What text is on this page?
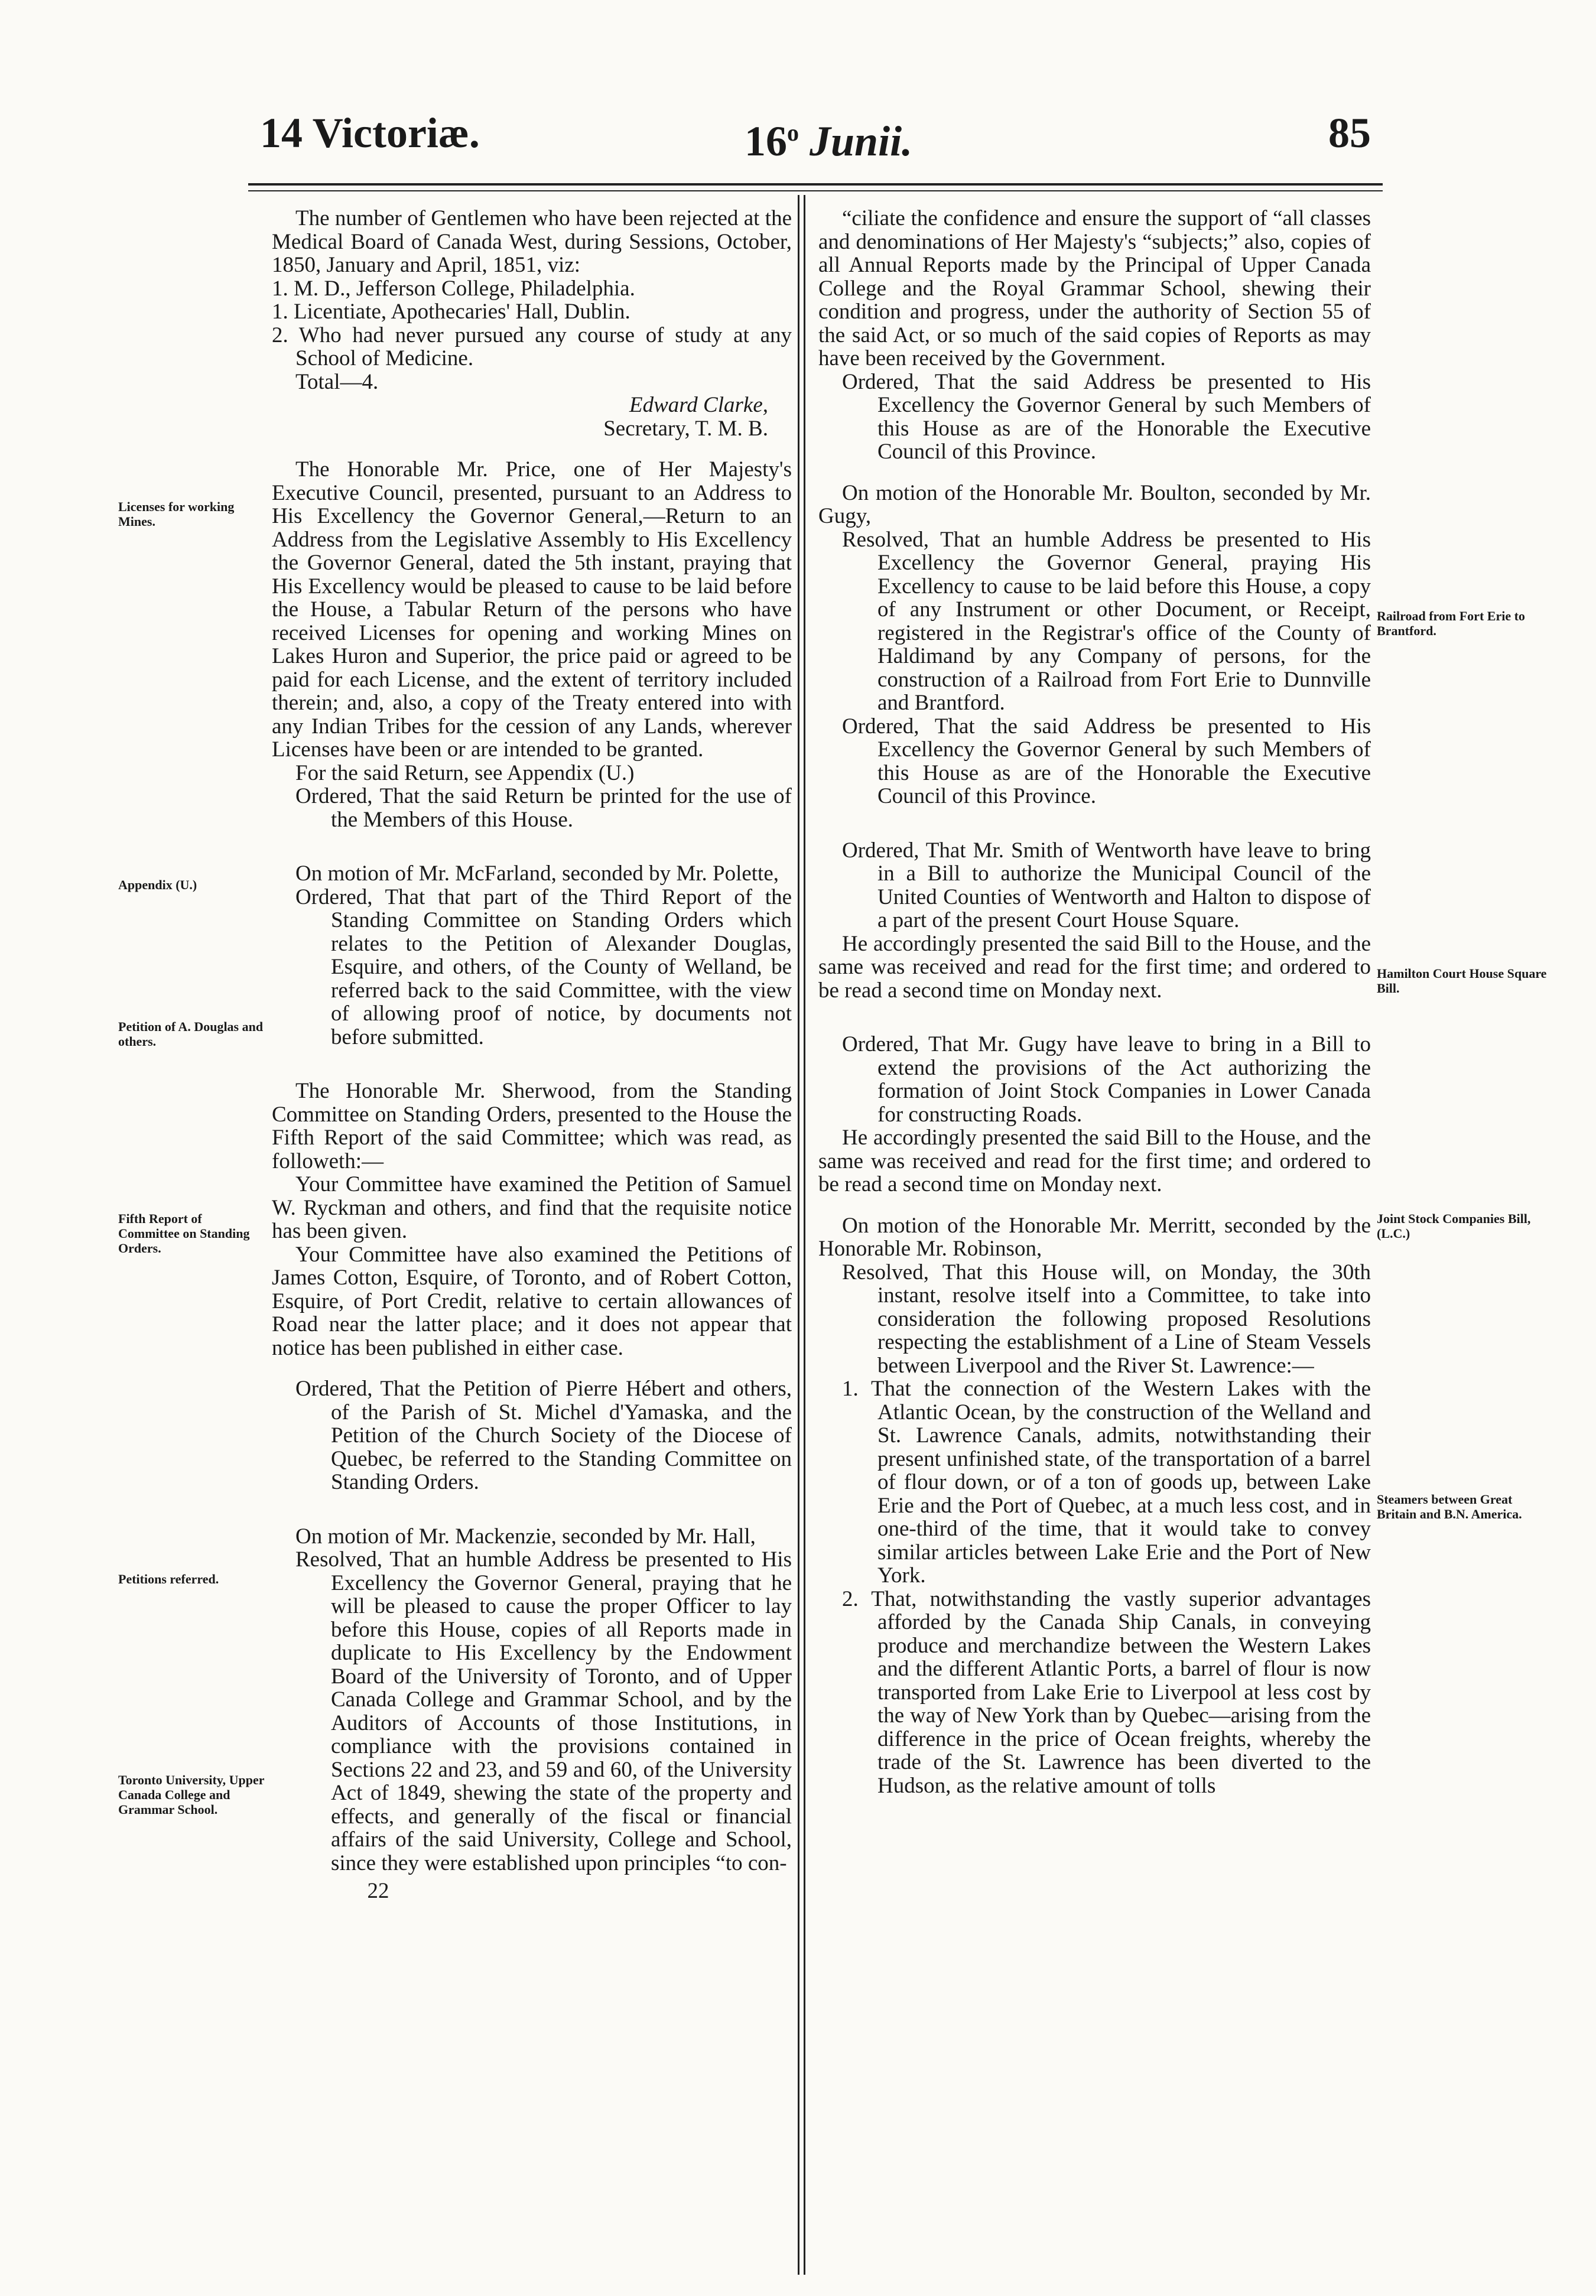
14 Victoriæ.	16$^o$ Junii.	85

The number of Gentlemen who have been rejected at the Medical Board of Canada West, during Sessions, October, 1850, January and April, 1851, viz:

1. M. D., Jefferson College, Philadelphia.

1. Licentiate, Apothecaries' Hall, Dublin.

2. Who had never pursued any course of study at any School of Medicine.

Total—4.

Edward Clarke,

Secretary, T. M. B.

The Honorable Mr. Price, one of Her Majesty's Executive Council, presented, pursuant to an Address to His Excellency the Governor General,—Return to an Address from the Legislative Assembly to His Excellency the Governor General, dated the 5th instant, praying that His Excellency would be pleased to cause to be laid before the House, a Tabular Return of the persons who have received Licenses for opening and working Mines on Lakes Huron and Superior, the price paid or agreed to be paid for each License, and the extent of territory included therein; and, also, a copy of the Treaty entered into with any Indian Tribes for the cession of any Lands, wherever Licenses have been or are intended to be granted.

For the said Return, see Appendix (U.)

Ordered, That the said Return be printed for the use of the Members of this House.

On motion of Mr. McFarland, seconded by Mr. Polette,

Ordered, That that part of the Third Report of the Standing Committee on Standing Orders which relates to the Petition of Alexander Douglas, Esquire, and others, of the County of Welland, be referred back to the said Committee, with the view of allowing proof of notice, by documents not before submitted.

The Honorable Mr. Sherwood, from the Standing Committee on Standing Orders, presented to the House the Fifth Report of the said Committee; which was read, as followeth:—

Your Committee have examined the Petition of Samuel W. Ryckman and others, and find that the requisite notice has been given.

Your Committee have also examined the Petitions of James Cotton, Esquire, of Toronto, and of Robert Cotton, Esquire, of Port Credit, relative to certain allowances of Road near the latter place; and it does not appear that notice has been published in either case.

Ordered, That the Petition of Pierre Hébert and others, of the Parish of St. Michel d'Yamaska, and the Petition of the Church Society of the Diocese of Quebec, be referred to the Standing Committee on Standing Orders.

On motion of Mr. Mackenzie, seconded by Mr. Hall,

Resolved, That an humble Address be presented to His Excellency the Governor General, praying that he will be pleased to cause the proper Officer to lay before this House, copies of all Reports made in duplicate to His Excellency by the Endowment Board of the University of Toronto, and of Upper Canada College and Grammar School, and by the Auditors of Accounts of those Institutions, in compliance with the provisions contained in Sections 22 and 23, and 59 and 60, of the University Act of 1849, shewing the state of the property and effects, and generally of the fiscal or financial affairs of the said University, College and School, since they were established upon principles “to con-

22

“ciliate the confidence and ensure the support of “all classes and denominations of Her Majesty's “subjects;” also, copies of all Annual Reports made by the Principal of Upper Canada College and the Royal Grammar School, shewing their condition and progress, under the authority of Section 55 of the said Act, or so much of the said copies of Reports as may have been received by the Government.

Ordered, That the said Address be presented to His Excellency the Governor General by such Members of this House as are of the Honorable the Executive Council of this Province.

On motion of the Honorable Mr. Boulton, seconded by Mr. Gugy,

Resolved, That an humble Address be presented to His Excellency the Governor General, praying His Excellency to cause to be laid before this House, a copy of any Instrument or other Document, or Receipt, registered in the Registrar's office of the County of Haldimand by any Company of persons, for the construction of a Railroad from Fort Erie to Dunnville and Brantford.

Ordered, That the said Address be presented to His Excellency the Governor General by such Members of this House as are of the Honorable the Executive Council of this Province.

Ordered, That Mr. Smith of Wentworth have leave to bring in a Bill to authorize the Municipal Council of the United Counties of Wentworth and Halton to dispose of a part of the present Court House Square.

He accordingly presented the said Bill to the House, and the same was received and read for the first time; and ordered to be read a second time on Monday next.

Ordered, That Mr. Gugy have leave to bring in a Bill to extend the provisions of the Act authorizing the formation of Joint Stock Companies in Lower Canada for constructing Roads.

He accordingly presented the said Bill to the House, and the same was received and read for the first time; and ordered to be read a second time on Monday next.

On motion of the Honorable Mr. Merritt, seconded by the Honorable Mr. Robinson,

Resolved, That this House will, on Monday, the 30th instant, resolve itself into a Committee, to take into consideration the following proposed Resolutions respecting the establishment of a Line of Steam Vessels between Liverpool and the River St. Lawrence:—

1. That the connection of the Western Lakes with the Atlantic Ocean, by the construction of the Welland and St. Lawrence Canals, admits, notwithstanding their present unfinished state, of the transportation of a barrel of flour down, or of a ton of goods up, between Lake Erie and the Port of Quebec, at a much less cost, and in one-third of the time, that it would take to convey similar articles between Lake Erie and the Port of New York.

2. That, notwithstanding the vastly superior advantages afforded by the Canada Ship Canals, in conveying produce and merchandize between the Western Lakes and the different Atlantic Ports, a barrel of flour is now transported from Lake Erie to Liverpool at less cost by the way of New York than by Quebec—arising from the difference in the price of Ocean freights, whereby the trade of the St. Lawrence has been diverted to the Hudson, as the relative amount of tolls

Licenses for working Mines.
Appendix (U.)
Petition of A. Douglas and others.
Fifth Report of Committee on Standing Orders.
Petitions referred.
Toronto University, Upper Canada College and Grammar School.
Railroad from Fort Erie to Brantford.
Hamilton Court House Square Bill.
Joint Stock Companies Bill, (L.C.)
Steamers between Great Britain and B.N. America.
